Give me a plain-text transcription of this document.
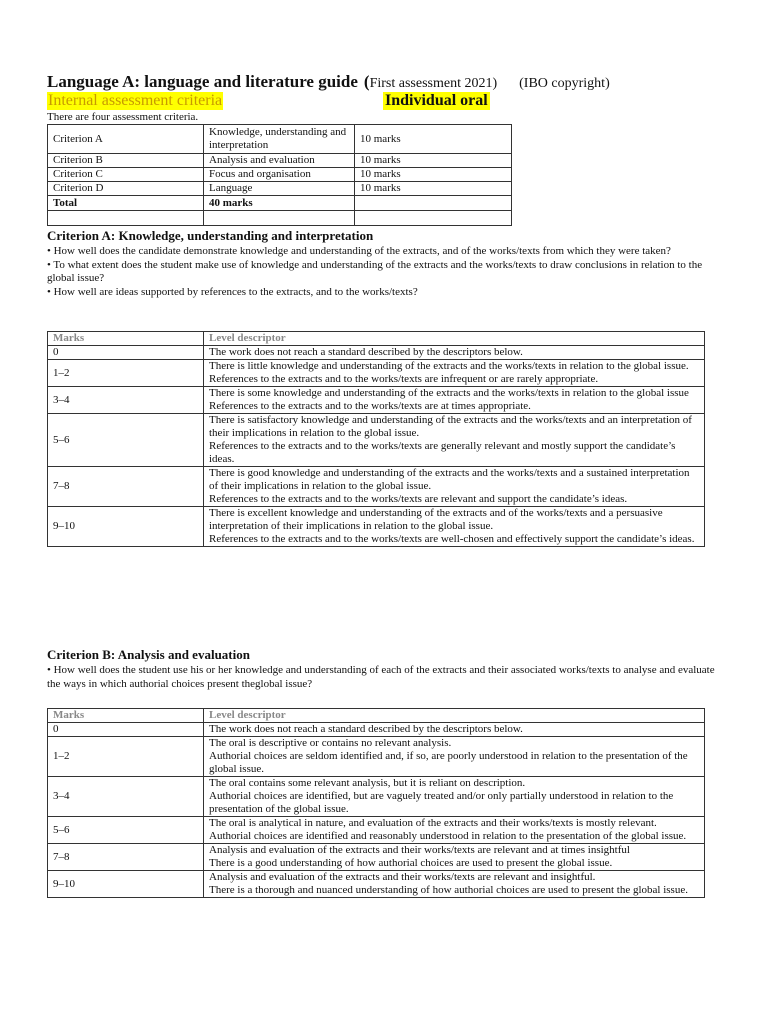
Language A: language and literature guide (First assessment 2021) (IBO copyright)
Internal assessment criteria	Individual oral
There are four assessment criteria.
Criterion A	Knowledge, understanding and interpretation	10 marks
Criterion B	Analysis and evaluation	10 marks
Criterion C	Focus and organisation	10 marks
Criterion D	Language	10 marks
Total	40 marks	

Criterion A: Knowledge, understanding and interpretation
• How well does the candidate demonstrate knowledge and understanding of the extracts, and of the works/texts from which they were taken?
• To what extent does the student make use of knowledge and understanding of the extracts and the works/texts to draw conclusions in relation to the global issue?
• How well are ideas supported by references to the extracts, and to the works/texts?
Marks	Level descriptor
0	The work does not reach a standard described by the descriptors below.

1–2	There is little knowledge and understanding of the extracts and the works/texts in relation to the global issue.

References to the extracts and to the works/texts are infrequent or are rarely appropriate.

3–4	There is some knowledge and understanding of the extracts and the works/texts in relation to the global issue

References to the extracts and to the works/texts are at times appropriate.

5–6	There is satisfactory knowledge and understanding of the extracts and the works/texts and an interpretation of their implications in relation to the global issue.

References to the extracts and to the works/texts are generally relevant and mostly support the candidate’s ideas.

7–8	There is good knowledge and understanding of the extracts and the works/texts and a sustained interpretation of their implications in relation to the global issue.

References to the extracts and to the works/texts are relevant and support the candidate’s ideas.

9–10	There is excellent knowledge and understanding of the extracts and of the works/texts and a persuasive interpretation of their implications in relation to the global issue.

References to the extracts and to the works/texts are well-chosen and effectively support the candidate’s ideas.

Criterion B: Analysis and evaluation
• How well does the student use his or her knowledge and understanding of each of the extracts and their associated works/texts to analyse and evaluate the ways in which authorial choices present theglobal issue?
Marks	Level descriptor
0	The work does not reach a standard described by the descriptors below.

1–2	The oral is descriptive or contains no relevant analysis.

Authorial choices are seldom identified and, if so, are poorly understood in relation to the presentation of the global issue.

3–4	The oral contains some relevant analysis, but it is reliant on description.

Authorial choices are identified, but are vaguely treated and/or only partially understood in relation to the presentation of the global issue.

5–6	The oral is analytical in nature, and evaluation of the extracts and their works/texts is mostly relevant.

Authorial choices are identified and reasonably understood in relation to the presentation of the global issue.

7–8	Analysis and evaluation of the extracts and their works/texts are relevant and at times insightful

There is a good understanding of how authorial choices are used to present the global issue.

9–10	Analysis and evaluation of the extracts and their works/texts are relevant and insightful.

There is a thorough and nuanced understanding of how authorial choices are used to present the global issue.
